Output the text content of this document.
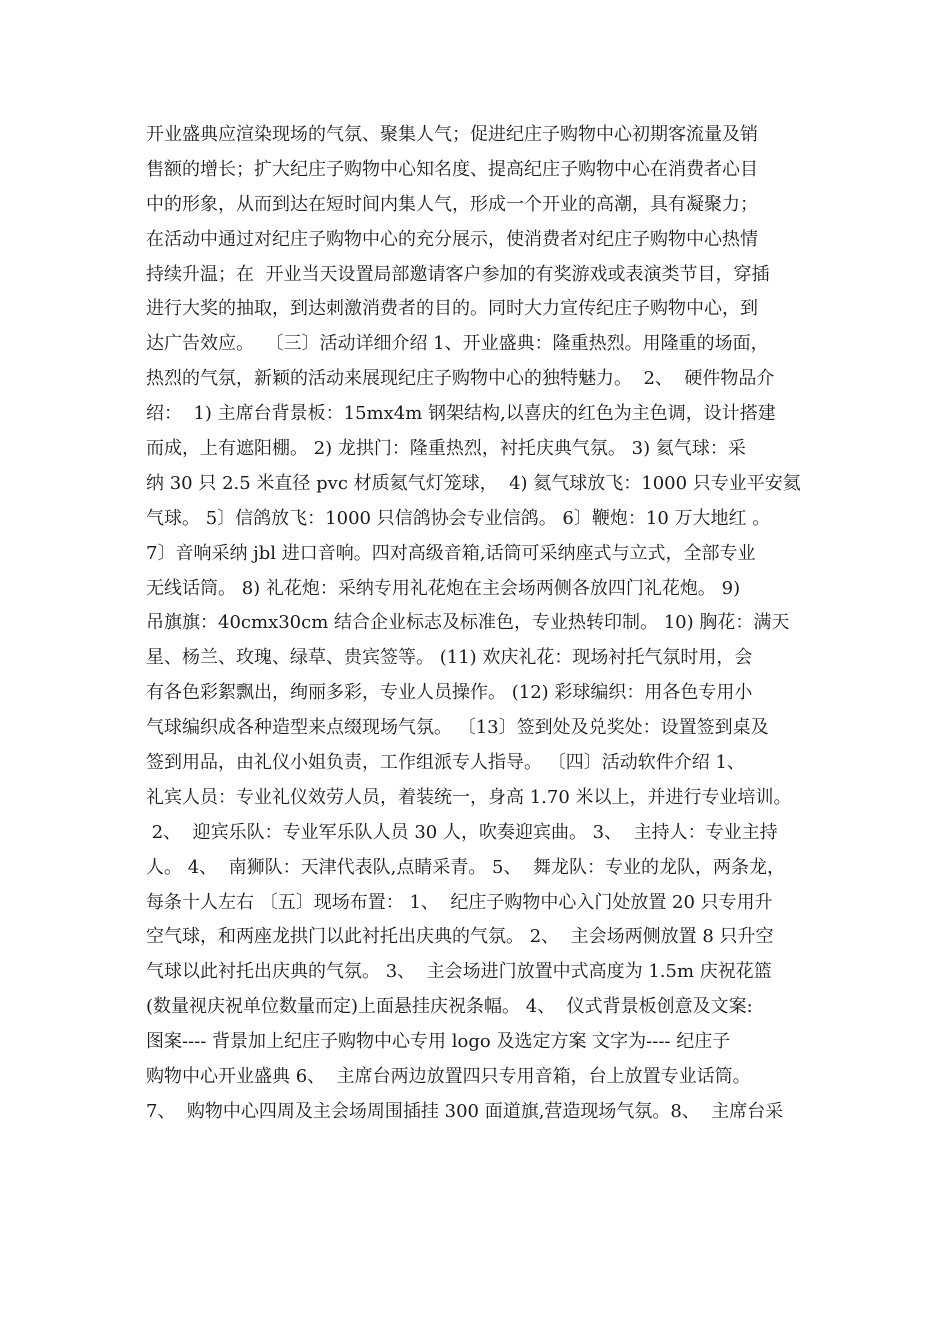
开业盛典应渲染现场的气氛、聚集人气；促进纪庄子购物中心初期客流量及销
售额的增长；扩大纪庄子购物中心知名度、提高纪庄子购物中心在消费者心目
中的形象，从而到达在短时间内集人气，形成一个开业的高潮，具有凝聚力；
在活动中通过对纪庄子购物中心的充分展示，使消费者对纪庄子购物中心热情
持续升温；在  开业当天设置局部邀请客户参加的有奖游戏或表演类节目，穿插
进行大奖的抽取，到达刺激消费者的目的。同时大力宣传纪庄子购物中心，到
达广告效应。  〔三〕活动详细介绍 1、开业盛典：隆重热烈。用隆重的场面，
热烈的气氛，新颖的活动来展现纪庄子购物中心的独特魅力。  2、  硬件物品介
绍：  1) 主席台背景板：15mx4m 钢架结构,以喜庆的红色为主色调，设计搭建
而成，上有遮阳棚。 2) 龙拱门：隆重热烈，衬托庆典气氛。 3) 氦气球：采
纳 30 只 2.5 米直径 pvc 材质氦气灯笼球，  4) 氦气球放飞：1000 只专业平安氦
气球。 5〕信鸽放飞：1000 只信鸽协会专业信鸽。 6〕鞭炮：10 万大地红 。
7〕音响采纳 jbl 进口音响。四对高级音箱,话筒可采纳座式与立式，全部专业
无线话筒。 8) 礼花炮：采纳专用礼花炮在主会场两侧各放四门礼花炮。 9)
吊旗旗：40cmx30cm 结合企业标志及标准色，专业热转印制。 10) 胸花：满天
星、杨兰、玫瑰、绿草、贵宾签等。 (11) 欢庆礼花：现场衬托气氛时用，会
有各色彩絮飘出，绚丽多彩，专业人员操作。 (12) 彩球编织：用各色专用小
气球编织成各种造型来点缀现场气氛。 〔13〕签到处及兑奖处：设置签到桌及
签到用品，由礼仪小姐负责，工作组派专人指导。 〔四〕活动软件介绍 1、
礼宾人员：专业礼仪效劳人员，着装统一，身高 1.70 米以上，并进行专业培训。
2、  迎宾乐队：专业军乐队人员 30 人，吹奏迎宾曲。 3、  主持人：专业主持
人。 4、  南狮队：天津代表队,点睛采青。 5、  舞龙队：专业的龙队，两条龙，
每条十人左右 〔五〕现场布置： 1、  纪庄子购物中心入门处放置 20 只专用升
空气球，和两座龙拱门以此衬托出庆典的气氛。 2、  主会场两侧放置 8 只升空
气球以此衬托出庆典的气氛。 3、  主会场进门放置中式高度为 1.5m 庆祝花篮
(数量视庆祝单位数量而定)上面悬挂庆祝条幅。 4、  仪式背景板创意及文案:
图案---- 背景加上纪庄子购物中心专用 logo 及选定方案 文字为---- 纪庄子
购物中心开业盛典 6、  主席台两边放置四只专用音箱，台上放置专业话筒。
7、  购物中心四周及主会场周围插挂 300 面道旗,营造现场气氛。8、  主席台采
